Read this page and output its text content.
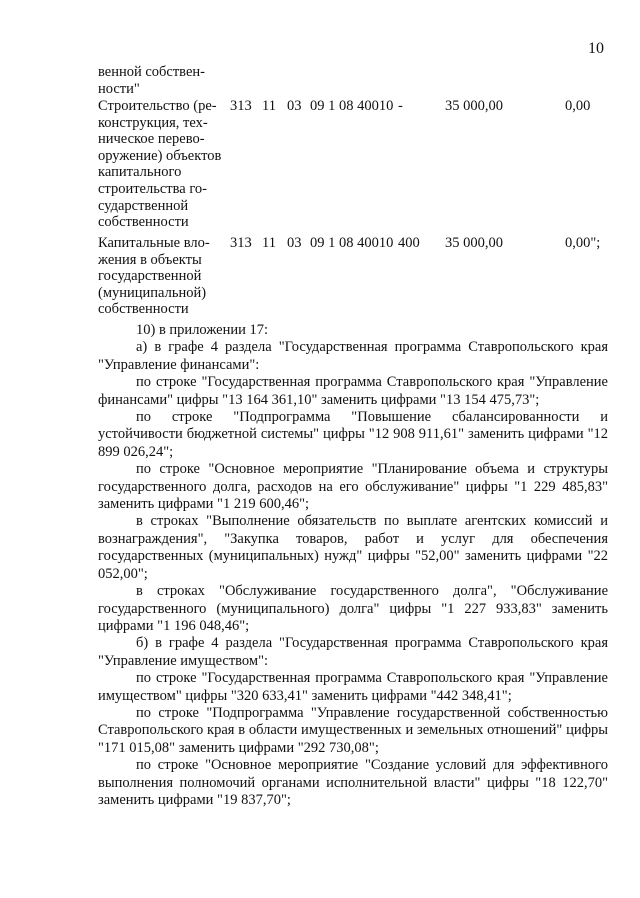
10
венной собствен-
ности"
Строительство (ре-
конструкция, тех-
ническое перево-
оружение) объектов
капитального
строительства го-
сударственной
собственности
313 11 03 09 1 08 40010 -	35 000,00	0,00
Капитальные вло-
жения в объекты
государственной
(муниципальной)
собственности
313 11 03 09 1 08 40010 400 35 000,00	0,00";

10) в приложении 17:

а) в графе 4 раздела "Государственная программа Ставропольского края "Управление финансами":

по строке "Государственная программа Ставропольского края "Управление финансами" цифры "13 164 361,10" заменить цифрами "13 154 475,73";

по строке "Подпрограмма "Повышение сбалансированности и устойчивости бюджетной системы" цифры "12 908 911,61" заменить цифрами "12 899 026,24";

по строке "Основное мероприятие "Планирование объема и структуры государственного долга, расходов на его обслуживание" цифры "1 229 485,83" заменить цифрами "1 219 600,46";

в строках "Выполнение обязательств по выплате агентских комиссий и вознаграждения", "Закупка товаров, работ и услуг для обеспечения государственных (муниципальных) нужд" цифры "52,00" заменить цифрами "22 052,00";

в строках "Обслуживание государственного долга", "Обслуживание государственного (муниципального) долга" цифры "1 227 933,83" заменить цифрами "1 196 048,46";

б) в графе 4 раздела "Государственная программа Ставропольского края "Управление имуществом":

по строке "Государственная программа Ставропольского края "Управление имуществом" цифры "320 633,41" заменить цифрами "442 348,41";

по строке "Подпрограмма "Управление государственной собственностью Ставропольского края в области имущественных и земельных отношений" цифры "171 015,08" заменить цифрами "292 730,08";

по строке "Основное мероприятие "Создание условий для эффективного выполнения полномочий органами исполнительной власти" цифры "18 122,70" заменить цифрами "19 837,70";
